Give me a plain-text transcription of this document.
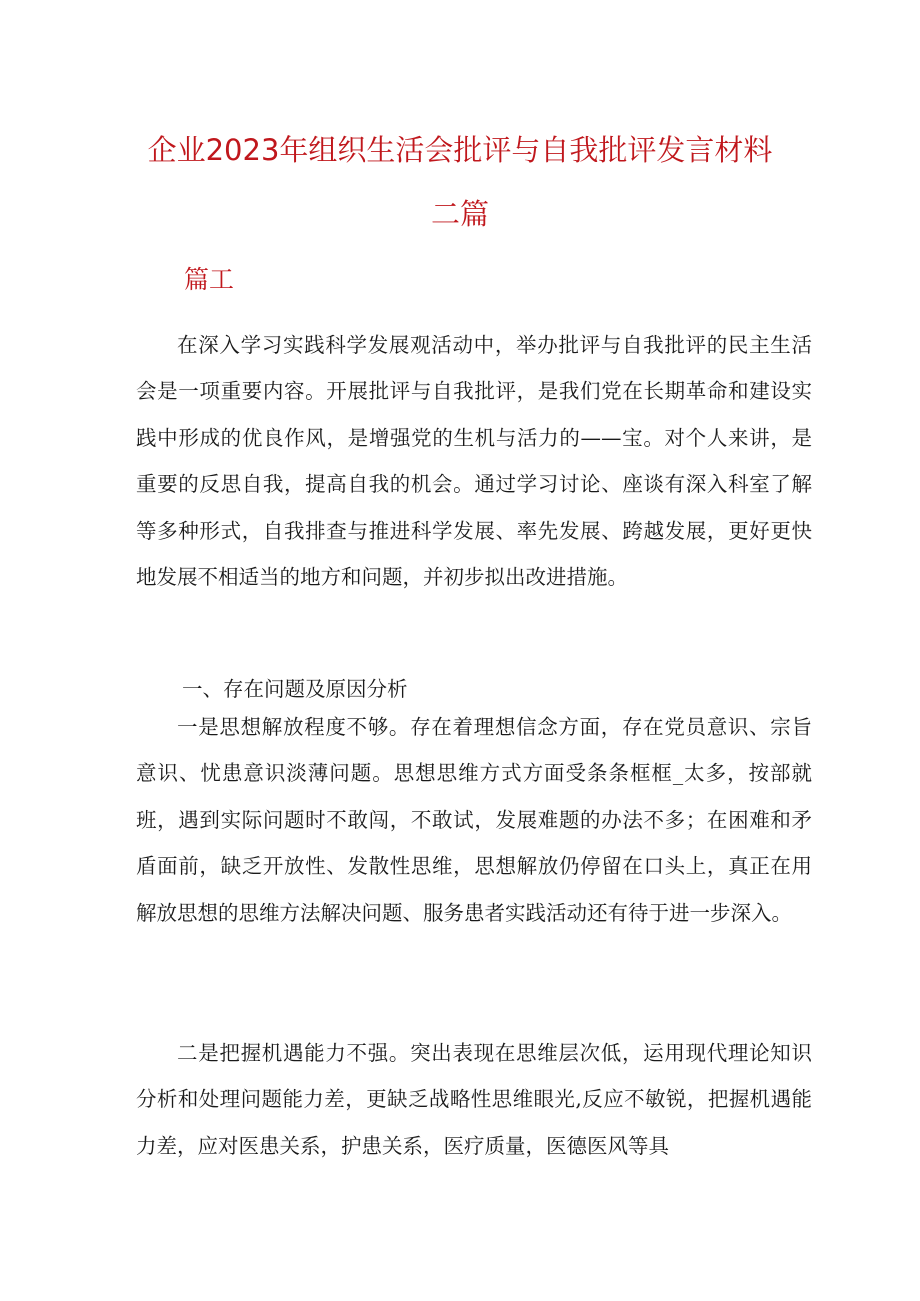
企业2023年组织生活会批评与自我批评发言材料
二篇
篇工

在深入学习实践科学发展观活动中，举办批评与自我批评的民主生活会是一项重要内容。开展批评与自我批评，是我们党在长期革命和建设实践中形成的优良作风，是增强党的生机与活力的——宝。对个人来讲，是重要的反思自我，提高自我的机会。通过学习讨论、座谈有深入科室了解等多种形式，自我排查与推进科学发展、率先发展、跨越发展，更好更快地发展不相适当的地方和问题，并初步拟出改进措施。

一、存在问题及原因分析

一是思想解放程度不够。存在着理想信念方面，存在党员意识、宗旨意识、忧患意识淡薄问题。思想思维方式方面受条条框框_太多，按部就班，遇到实际问题时不敢闯，不敢试，发展难题的办法不多；在困难和矛盾面前，缺乏开放性、发散性思维，思想解放仍停留在口头上，真正在用解放思想的思维方法解决问题、服务患者实践活动还有待于进一步深入。

二是把握机遇能力不强。突出表现在思维层次低，运用现代理论知识分析和处理问题能力差，更缺乏战略性思维眼光,反应不敏锐，把握机遇能力差，应对医患关系，护患关系，医疗质量，医德医风等具
